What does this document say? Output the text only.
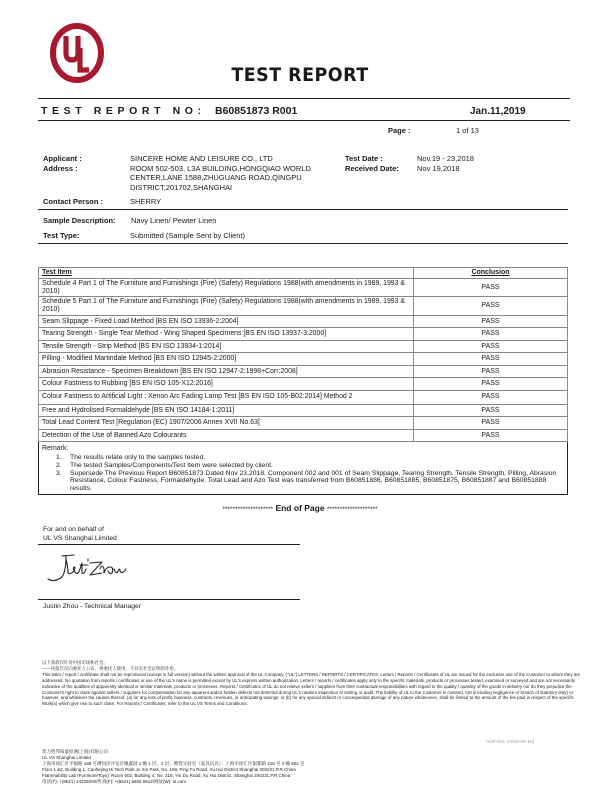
TEST REPORT
TEST REPORT NO: B60851873 R001	Jan.11,2019
Page :	1 of 13
Applicant :	SINCERE HOME AND LEISURE CO., LTD
Address :	ROOM 502-503, L3A BUILDING,HONGQIAO WORLD
CENTER,LANE 1588,ZHUGUANG ROAD,QINGPU
DISTRICT,201702,SHANGHAI
Contact Person :	SHERRY
Test Date :	Nov.19 - 23,2018
Received Date: Nov 19,2018
Sample Description: Navy Linen/ Pewter Linen
Test Type:	Submitted (Sample Sent by Client)
Test Item	Conclusion
Schedule 4 Part 1 of The Furniture and Furnishings (Fire) (Safety) Regulations 1988(with amendments in 1989, 1993 & 2010)	PASS
Schedule 5 Part 1 of The Furniture and Furnishings (Fire) (Safety) Regulations 1988(with amendments in 1989, 1993 & 2010)	PASS
Seam Slippage - Fixed Load Method [BS EN ISO 13936-2:2004]	PASS
Tearing Strength - Single Tear Method - Wing Shaped Specimens [BS EN ISO 13937-3:2000]	PASS
Tensile Strength - Strip Method [BS EN ISO 13934-1:2014]	PASS
Pilling - Modified Martindale Method [BS EN ISO 12945-2:2000]	PASS
Abrasion Resistance - Specimen Breakdown [BS EN ISO 12947-2:1998+Corr:2008]	PASS
Colour Fastness to Rubbing [BS EN ISO 105-X12:2016]	PASS
Colour Fastness to Artificial Light : Xenon Arc Fading Lamp Test [BS EN ISO 105-B02:2014] Method 2	PASS
Free and Hydrolised Formaldehyde [BS EN ISO 14184-1:2011]	PASS
Total Lead Content Test [Regulation (EC) 1907/2006 Annex XVII No.63]	PASS
Detection of the Use of Banned Azo Colourants	PASS

Remark:
1.	The results relate only to the samples tested.
2.	The tested Samples/Components/Test Item were selected by client.
3.	Supersede The Previous Report B60851873 Dated Nov 23,2018, Component 002 and 001 of Seam Slippage, Tearing Strength, Tensile Strength, Pilling, Abrasion Resistance, Colour Fastness, Formaldehyde, Total Lead and Azo Test was transferred from B60851886, B60851885, B60851875, B60851887 and B60851888 results.
******************** End of Page ********************
For and on behalf of
UL VS Shanghai Limited
Justin Zhou - Technical Manager
以下条款仅针对中国市场和社会。
——该报告仅向委托人公布，供委托人使用，不具有社会证明的作用。
This letter / report / certificate shall not be reproduced (except in full version) without the written approval of the UL Company. ("UL") LETTERS / REPORTS / CERTIFICATES: Letters / Reports / Certificates of UL are issued for the exclusive use of the Customer to whom they are addressed. No quotation from reports / certificates or use of the UL's name is permitted except by UL's express written authorization. Letters / reports / certificates apply only to the specific materials, products or processes tested, examined or surveyed and are not necessarily indicative of the qualities of apparently identical or similar materials, products or processes. Reports / Certificates of UL do not relieve sellers / suppliers from their contractual responsibilities with regard to the quality / quantity of the goods in delivery nor do they prejudice the Customer's right to claim against sellers / suppliers for compensation for any apparent and/or hidden defects not detected during UL's random inspection or testing or audit. The liability of UL to the Customer in contract, tort (including negligence or breach of statutory duty) or however, and whatever the causes thereof, (a) for any loss of profit, business, contracts, revenues, or anticipating savings; or (b) for any special indirect or consequential damage of any nature whatsoever, shall be limited to the amount of the fee paid in respect of the specific Work(s) which give rise to such claim. For Reports / Certificates, refer to the UL VS Terms and Conditions.
ADF-001 (2018-09-18)
优力胜邦质量检测(上海)有限公司
UL VS Shanghai Limited
上海市徐汇区平福路 188 号漕河泾开发区聚鑫园 1 幢 1 层、2 层、燃烧实验室（家具玩具）：上海市徐汇区银都路 218 号 4 幢 602 室
Floor 1 &2, Building 1, Caohejing Hi Tech Park Ju Xin Park, No. 188, Ping Fu Road, Xu Hui District Shanghai 200231,P.R.China
Flammability Lab (Furniture/Toys): Room 602, Building 4, No. 218, Yin Du Road, Xu Hui District, Shanghai 200231,P.R.China
电话(T): +(8621) 24228200/传真(F): +(8621) 6855 6812/网址(W): ul.com
